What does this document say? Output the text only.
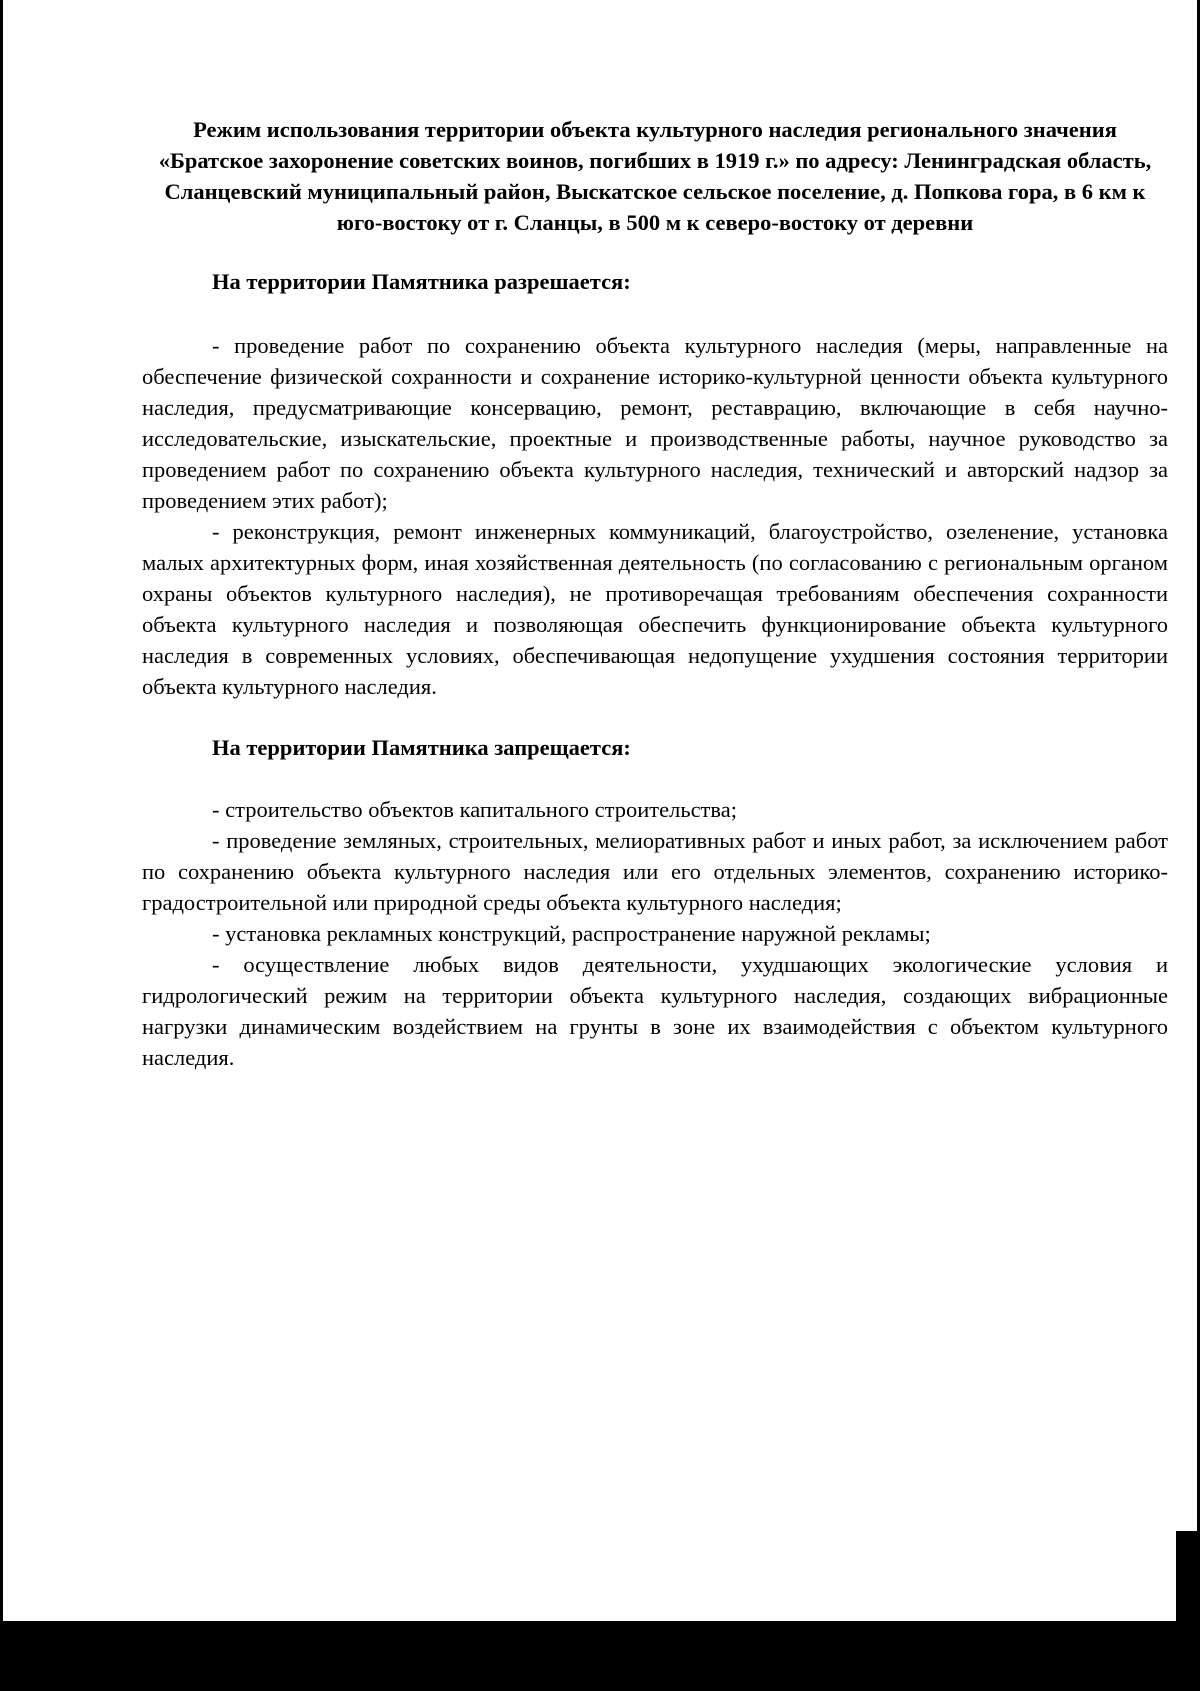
Режим использования территории объекта культурного наследия регионального значения «Братское захоронение советских воинов, погибших в 1919 г.» по адресу: Ленинградская область, Сланцевский муниципальный район, Выскатское сельское поселение, д. Попкова гора, в 6 км к юго-востоку от г. Сланцы, в 500 м к северо-востоку от деревни
На территории Памятника разрешается:
- проведение работ по сохранению объекта культурного наследия (меры, направленные на обеспечение физической сохранности и сохранение историко-культурной ценности объекта культурного наследия, предусматривающие консервацию, ремонт, реставрацию, включающие в себя научно-исследовательские, изыскательские, проектные и производственные работы, научное руководство за проведением работ по сохранению объекта культурного наследия, технический и авторский надзор за проведением этих работ);
- реконструкция, ремонт инженерных коммуникаций, благоустройство, озеленение, установка малых архитектурных форм, иная хозяйственная деятельность (по согласованию с региональным органом охраны объектов культурного наследия), не противоречащая требованиям обеспечения сохранности объекта культурного наследия и позволяющая обеспечить функционирование объекта культурного наследия в современных условиях, обеспечивающая недопущение ухудшения состояния территории объекта культурного наследия.
На территории Памятника запрещается:
- строительство объектов капитального строительства;
- проведение земляных, строительных, мелиоративных работ и иных работ, за исключением работ по сохранению объекта культурного наследия или его отдельных элементов, сохранению историко-градостроительной или природной среды объекта культурного наследия;
- установка рекламных конструкций, распространение наружной рекламы;
- осуществление любых видов деятельности, ухудшающих экологические условия и гидрологический режим на территории объекта культурного наследия, создающих вибрационные нагрузки динамическим воздействием на грунты в зоне их взаимодействия с объектом культурного наследия.
